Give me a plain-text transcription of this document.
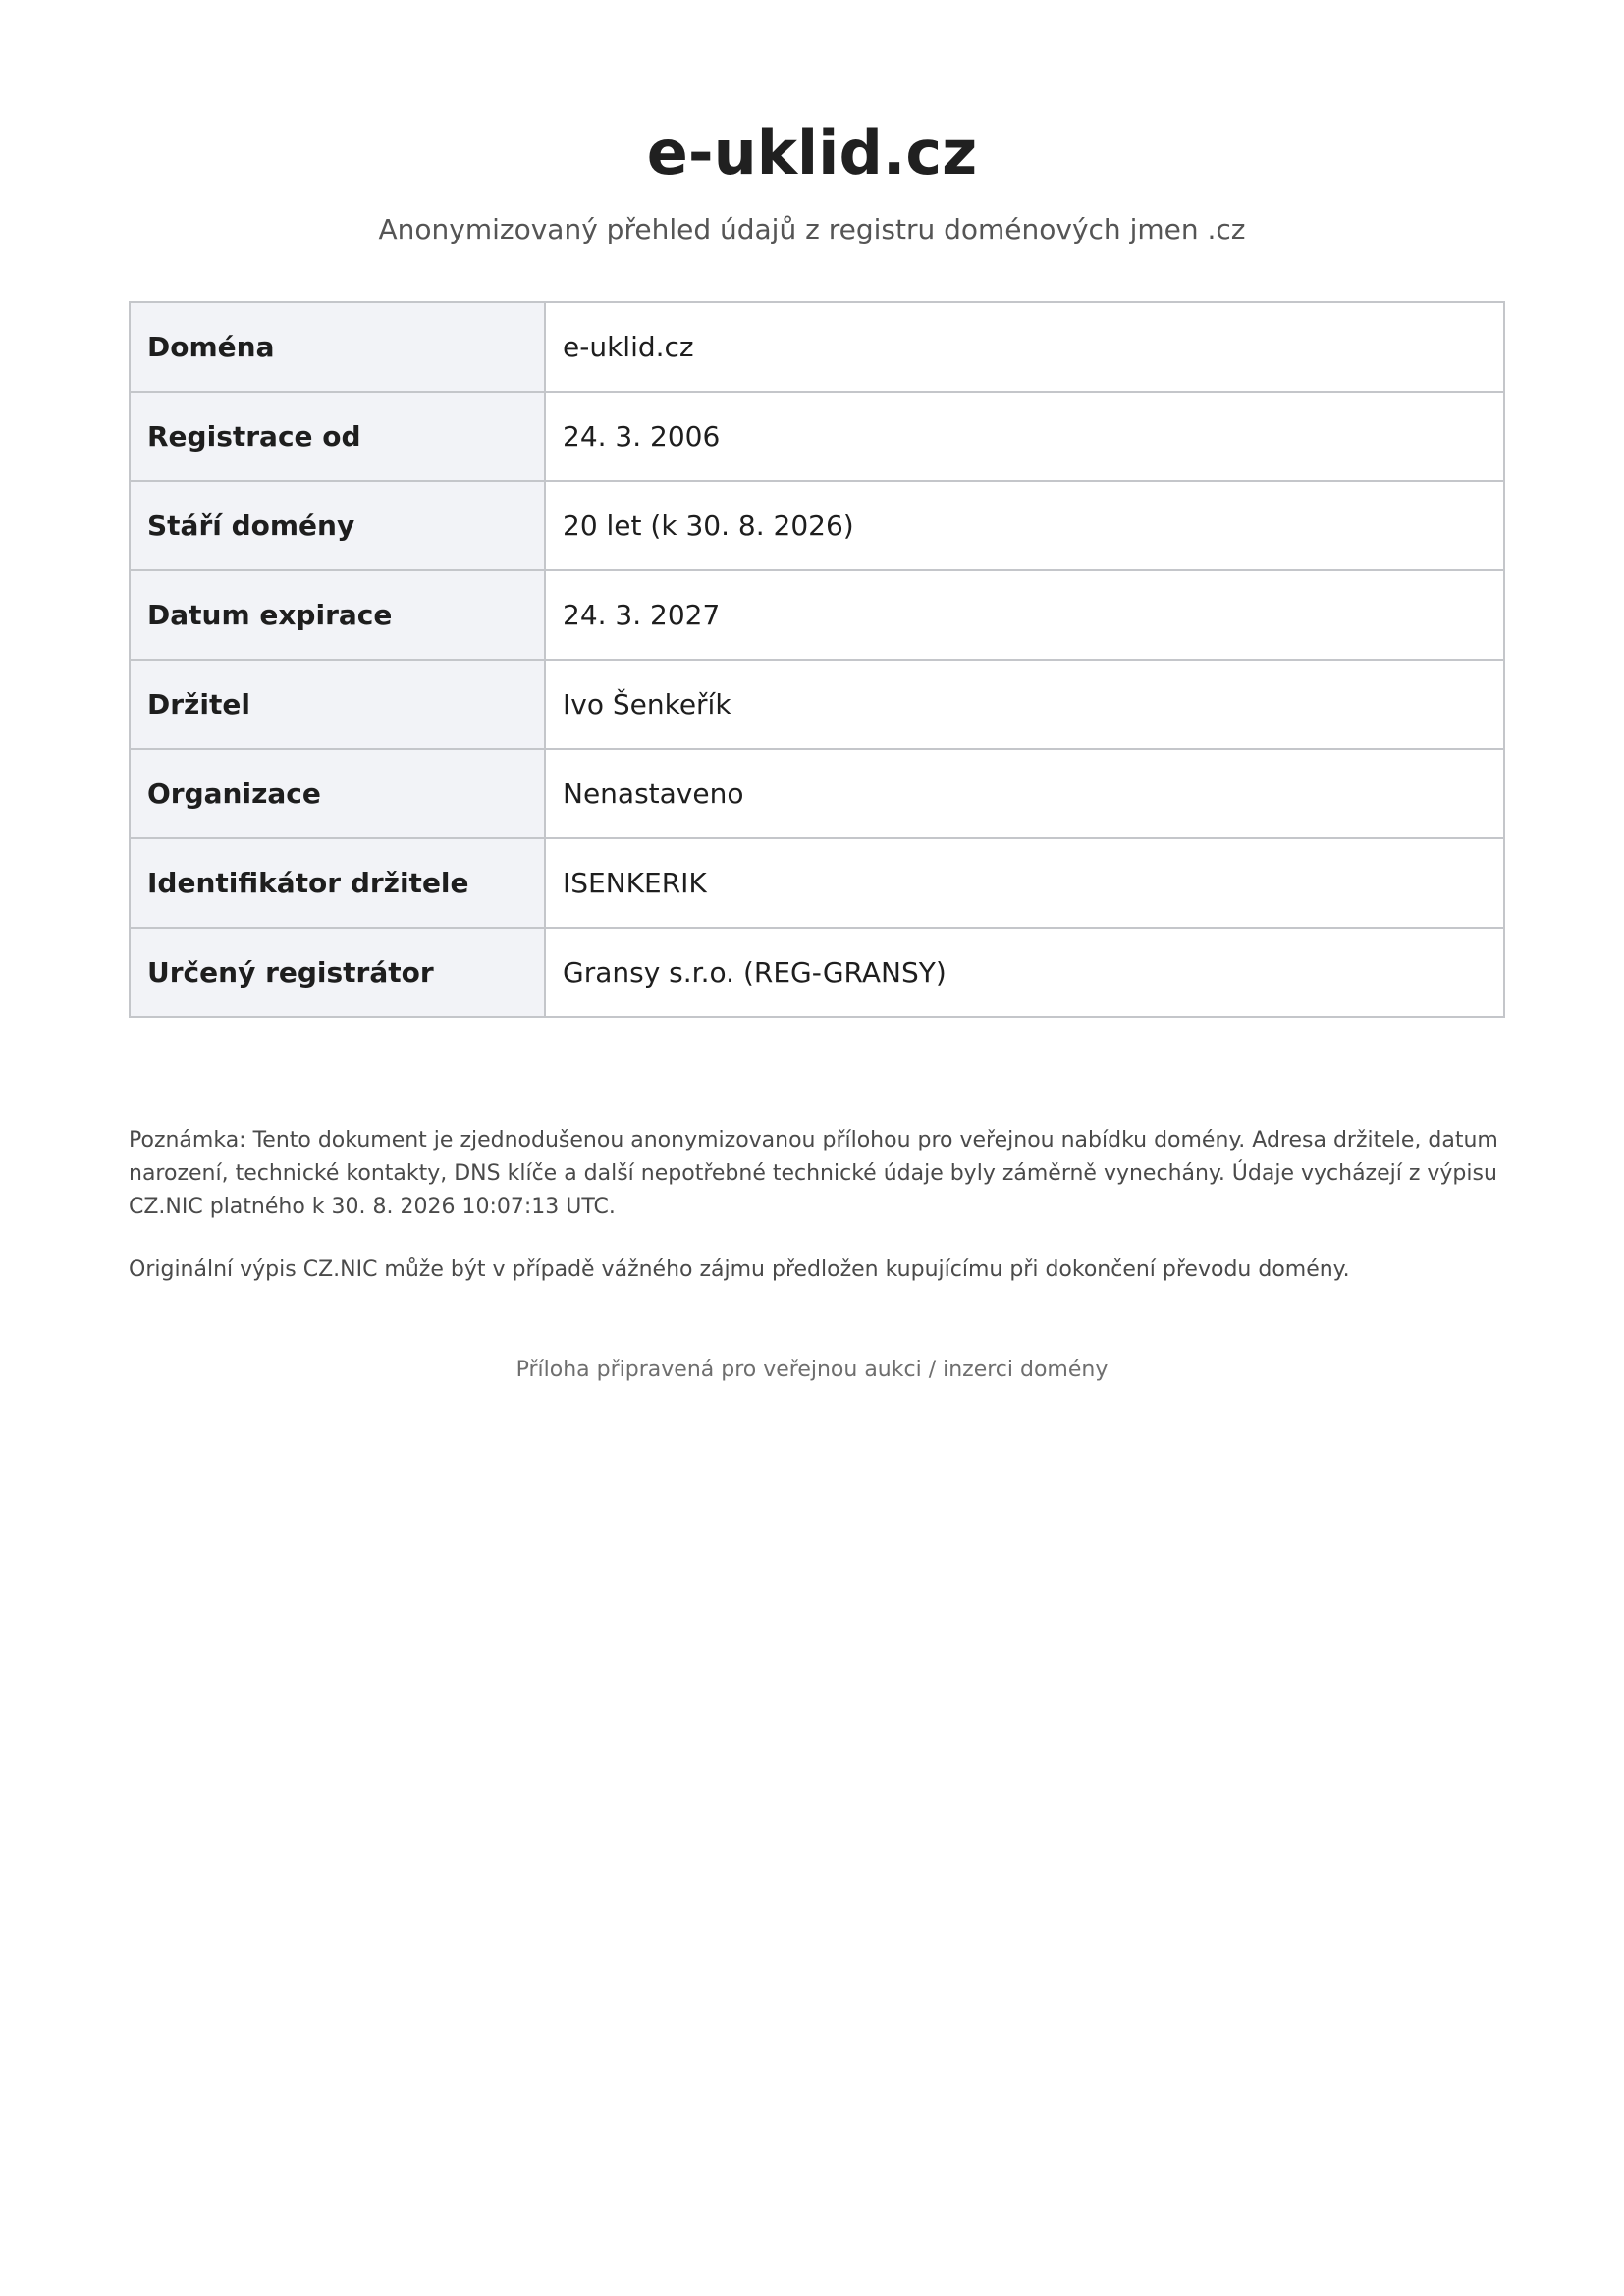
e-uklid.cz
Anonymizovaný přehled údajů z registru doménových jmen .cz
Doména	e-uklid.cz
Registrace od	24. 3. 2006
Stáří domény	20 let (k 30. 8. 2026)
Datum expirace	24. 3. 2027
Držitel	Ivo Šenkeřík
Organizace	Nenastaveno
Identifikátor držitele	ISENKERIK
Určený registrátor	Gransy s.r.o. (REG-GRANSY)

Poznámka: Tento dokument je zjednodušenou anonymizovanou přílohou pro veřejnou nabídku domény. Adresa držitele, datum narození, technické kontakty, DNS klíče a další nepotřebné technické údaje byly záměrně vynechány. Údaje vycházejí z výpisu CZ.NIC platného k 30. 8. 2026 10:07:13 UTC.

Originální výpis CZ.NIC může být v případě vážného zájmu předložen kupujícímu při dokončení převodu domény.

Příloha připravená pro veřejnou aukci / inzerci domény
